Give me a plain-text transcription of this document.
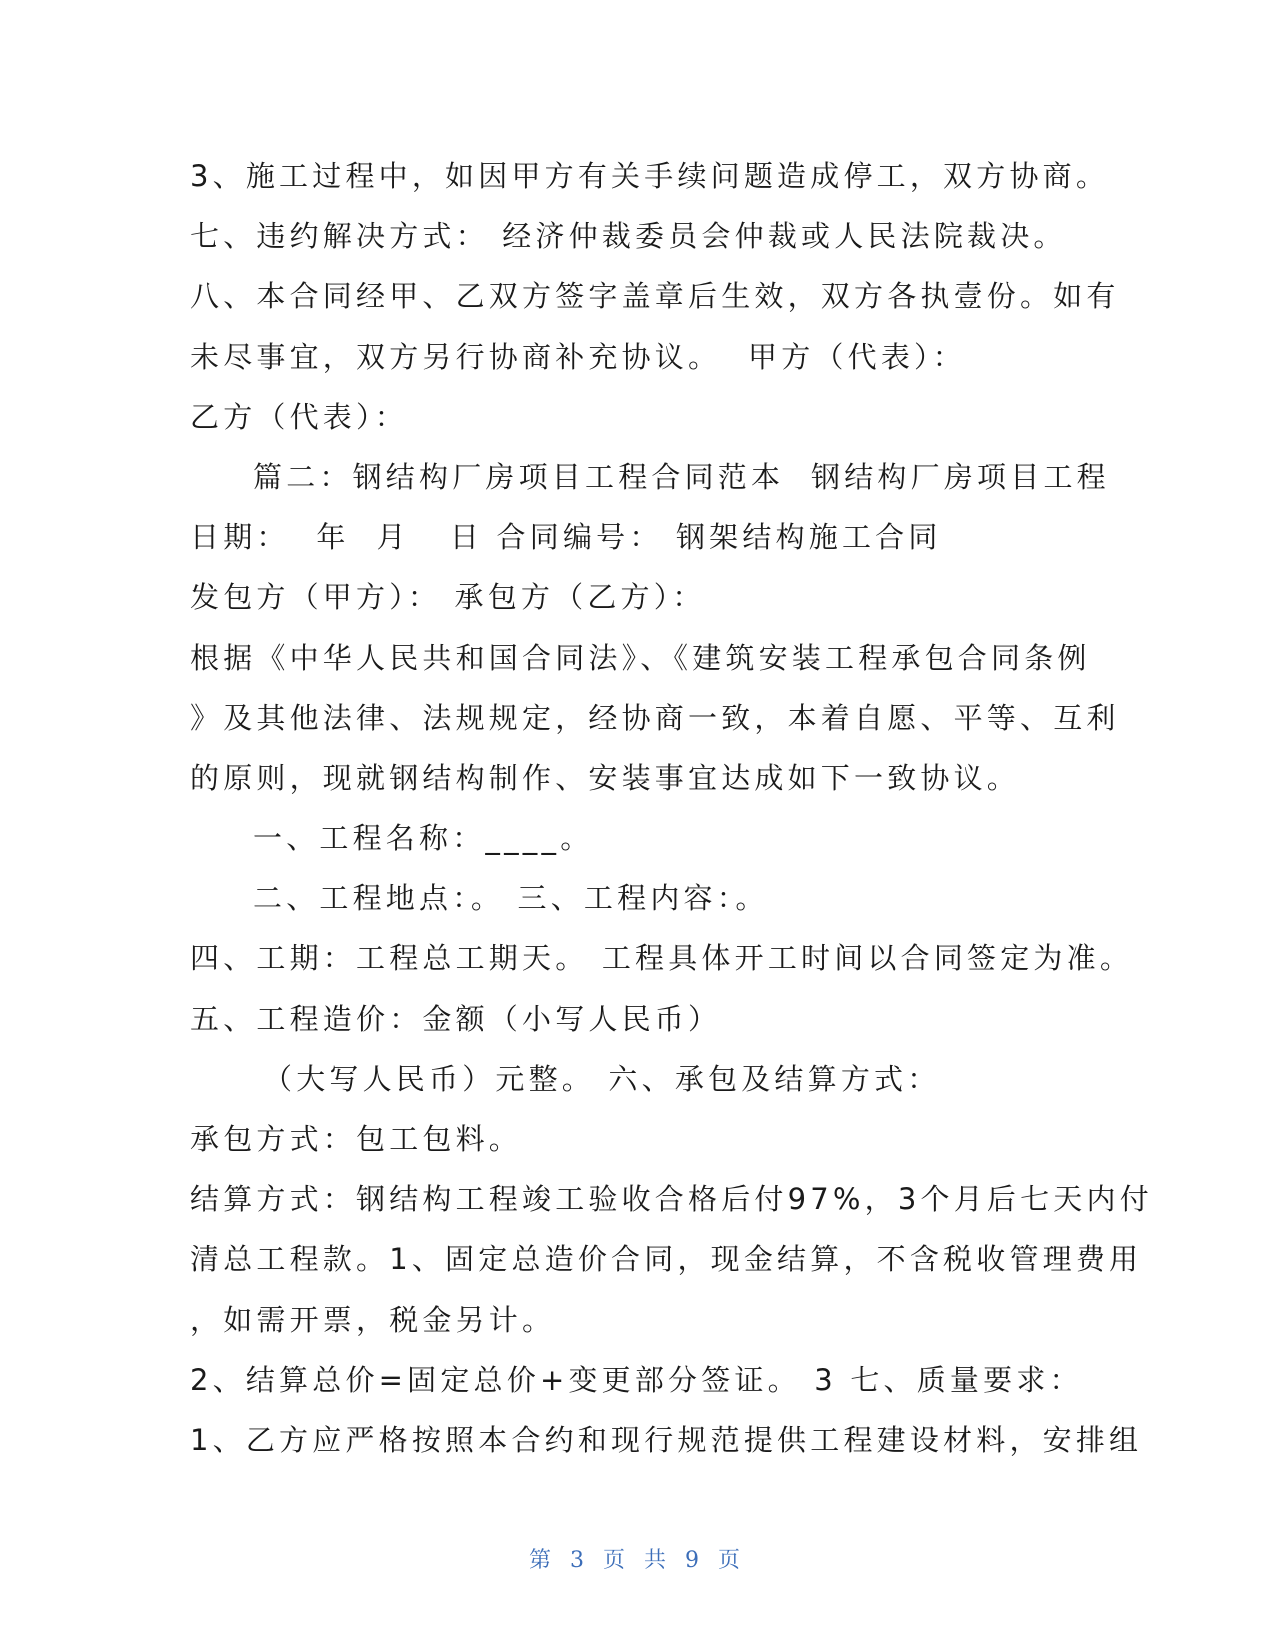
3、施工过程中，如因甲方有关手续问题造成停工，双方协商。
七、违约解决方式： 经济仲裁委员会仲裁或人民法院裁决。
八、本合同经甲、乙双方签字盖章后生效，双方各执壹份。如有
未尽事宜，双方另行协商补充协议。  甲方（代表）：
乙方（代表）：
篇二：钢结构厂房项目工程合同范本  钢结构厂房项目工程
日期：  年  月   日 合同编号： 钢架结构施工合同
发包方（甲方）： 承包方（乙方）：
根据《中华人民共和国合同法》、《建筑安装工程承包合同条例
》及其他法律、法规规定，经协商一致，本着自愿、平等、互利
的原则，现就钢结构制作、安装事宜达成如下一致协议。
一、工程名称：____。
二、工程地点：。 三、工程内容：。
四、工期：工程总工期天。 工程具体开工时间以合同签定为准。
五、工程造价：金额（小写人民币）
（大写人民币）元整。 六、承包及结算方式：
承包方式：包工包料。
结算方式：钢结构工程竣工验收合格后付97%，3个月后七天内付
清总工程款。1、固定总造价合同，现金结算，不含税收管理费用
，如需开票，税金另计。
2、结算总价=固定总价+变更部分签证。 3 七、质量要求：
1、乙方应严格按照本合约和现行规范提供工程建设材料，安排组
第 3 页 共 9 页
